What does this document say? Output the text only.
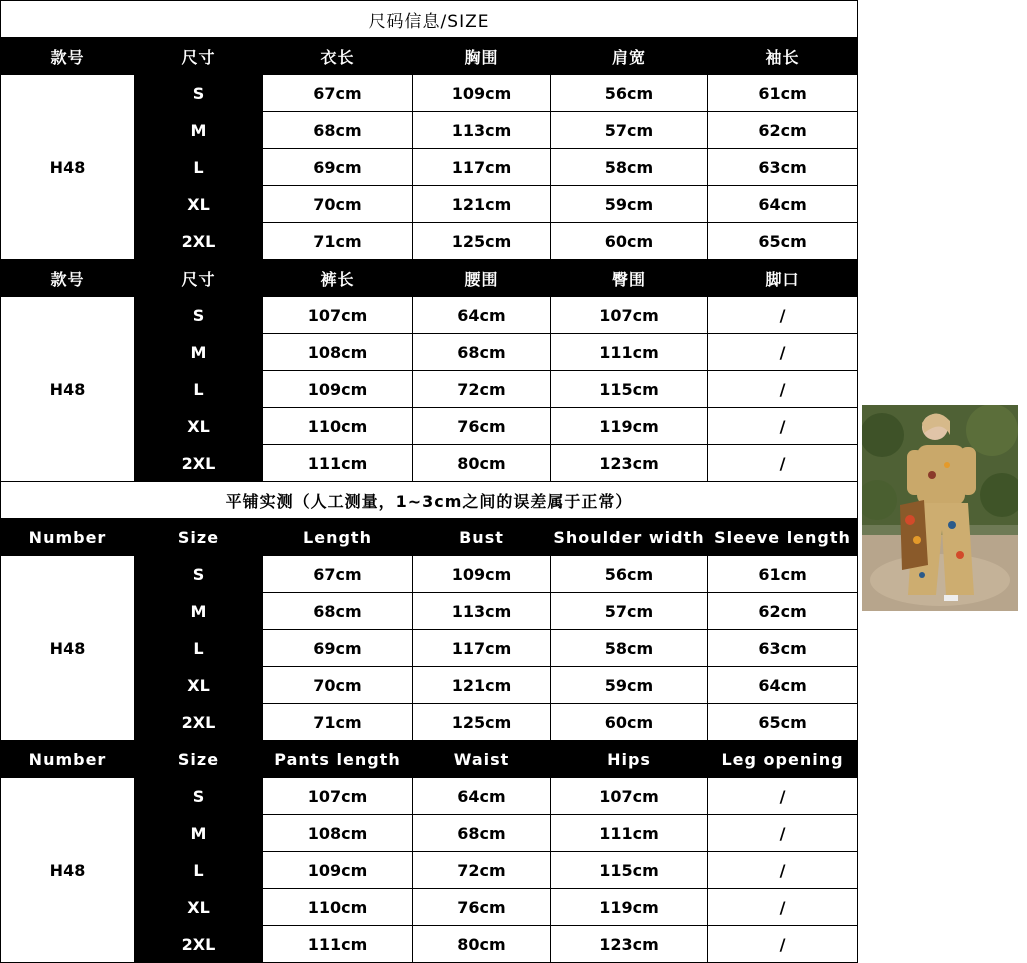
尺码信息/SIZE					
款号	尺寸	衣长	胸围	肩宽	袖长
H48	S	67cm	109cm	56cm	61cm
	M	68cm	113cm	57cm	62cm
	L	69cm	117cm	58cm	63cm
	XL	70cm	121cm	59cm	64cm
	2XL	71cm	125cm	60cm	65cm
款号	尺寸	裤长	腰围	臀围	脚口
H48	S	107cm	64cm	107cm	/
	M	108cm	68cm	111cm	/
	L	109cm	72cm	115cm	/
	XL	110cm	76cm	119cm	/
	2XL	111cm	80cm	123cm	/
平铺实测（人工测量，1~3cm之间的误差属于正常）					
Number	Size	Length	Bust	Shoulder width	Sleeve length
H48	S	67cm	109cm	56cm	61cm
	M	68cm	113cm	57cm	62cm
	L	69cm	117cm	58cm	63cm
	XL	70cm	121cm	59cm	64cm
	2XL	71cm	125cm	60cm	65cm
Number	Size	Pants length	Waist	Hips	Leg opening
H48	S	107cm	64cm	107cm	/
	M	108cm	68cm	111cm	/
	L	109cm	72cm	115cm	/
	XL	110cm	76cm	119cm	/
	2XL	111cm	80cm	123cm	/
